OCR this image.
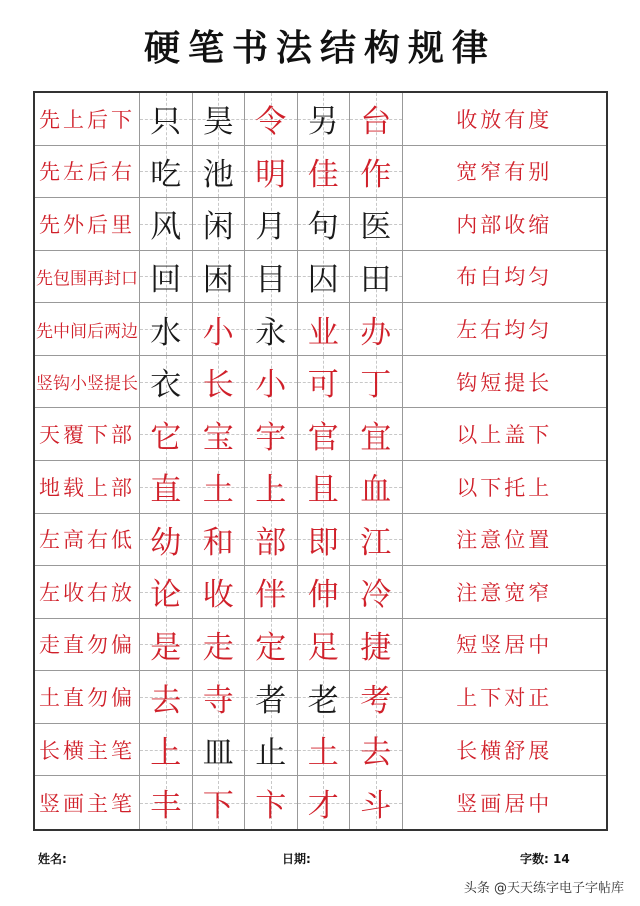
硬笔书法结构规律
先上后下 只 昊 令 另 台	收放有度
先左后右 吃 池 明 佳 作	宽窄有别
先外后里 风 闲 月 句 医	内部收缩
先包围再封口 回 困 目 囚 田	布白均匀
先中间后两边 水 小 永 业 办	左右均匀
竖钩小竖提长 衣 长 小 可 丁	钩短提长
天覆下部 它 宝 宇 官 宜	以上盖下
地载上部 直 土 上 且 血	以下托上
左高右低 幼 和 部 即 江	注意位置
左收右放 论 收 伴 伸 冷	注意宽窄
走直勿偏 是 走 定 足 捷	短竖居中
土直勿偏 去 寺 者 老 考	上下对正
长横主笔 上 皿 止 土 去	长横舒展
竖画主笔 丰 下 卞 才 斗	竖画居中
姓名:	日期:	字数: 14
头条 @天天练字电子字帖库
